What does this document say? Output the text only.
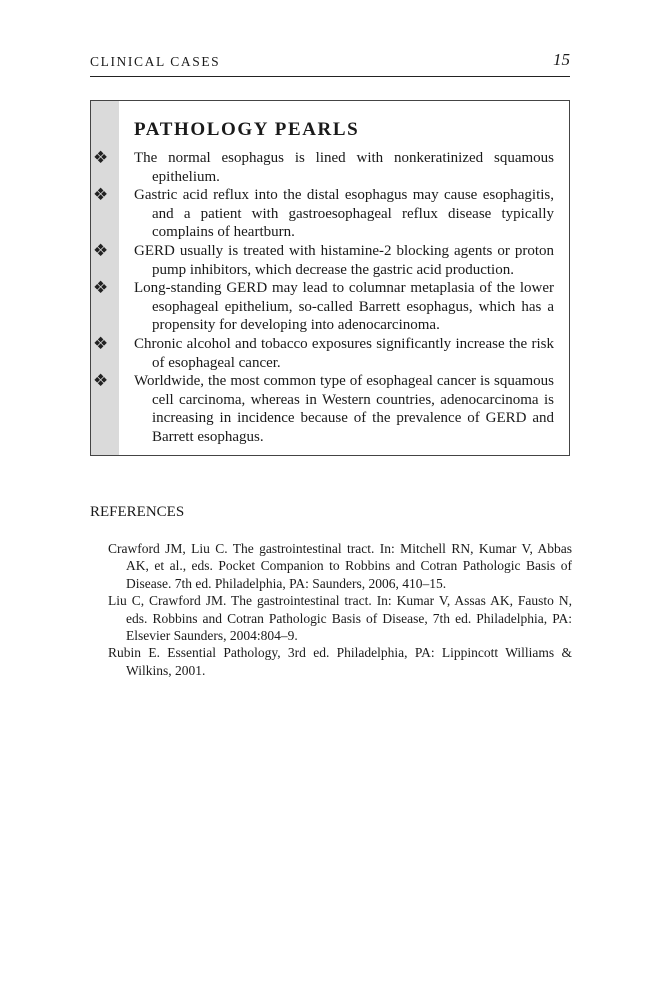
CLINICAL CASES	15
PATHOLOGY PEARLS
❖ The normal esophagus is lined with nonkeratinized squamous epithelium.
❖ Gastric acid reflux into the distal esophagus may cause esophagitis, and a patient with gastroesophageal reflux disease typically complains of heartburn.
❖ GERD usually is treated with histamine-2 blocking agents or proton pump inhibitors, which decrease the gastric acid production.
❖ Long-standing GERD may lead to columnar metaplasia of the lower esophageal epithelium, so-called Barrett esophagus, which has a propensity for developing into adenocarcinoma.
❖ Chronic alcohol and tobacco exposures significantly increase the risk of esophageal cancer.
❖ Worldwide, the most common type of esophageal cancer is squamous cell carcinoma, whereas in Western countries, adenocarcinoma is increasing in incidence because of the prevalence of GERD and Barrett esophagus.
REFERENCES
Crawford JM, Liu C. The gastrointestinal tract. In: Mitchell RN, Kumar V, Abbas AK, et al., eds. Pocket Companion to Robbins and Cotran Pathologic Basis of Disease. 7th ed. Philadelphia, PA: Saunders, 2006, 410–15.
Liu C, Crawford JM. The gastrointestinal tract. In: Kumar V, Assas AK, Fausto N, eds. Robbins and Cotran Pathologic Basis of Disease, 7th ed. Philadelphia, PA: Elsevier Saunders, 2004:804–9.
Rubin E. Essential Pathology, 3rd ed. Philadelphia, PA: Lippincott Williams & Wilkins, 2001.
